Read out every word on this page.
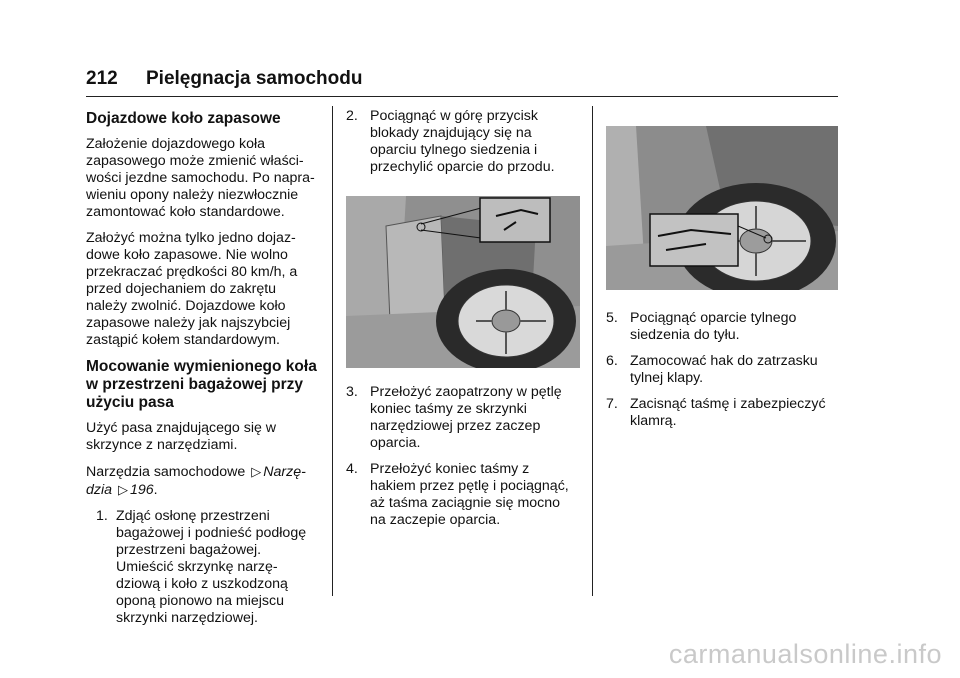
212 Pielęgnacja samochodu
Dojazdowe koło zapasowe

Założenie dojazdowego koła
zapasowego może zmienić właści-
wości jezdne samochodu. Po napra-
wieniu opony należy niezwłocznie
zamontować koło standardowe.

Założyć można tylko jedno dojaz-
dowe koło zapasowe. Nie wolno
przekraczać prędkości 80 km/h, a
przed dojechaniem do zakrętu
należy zwolnić. Dojazdowe koło
zapasowe należy jak najszybciej
zastąpić kołem standardowym.

Mocowanie wymienionego koła
w przestrzeni bagażowej przy
użyciu pasa

Użyć pasa znajdującego się w
skrzynce z narzędziami.

Narzędzia samochodowe ▷ Narzę-
dzia ▷ 196.

1. Zdjąć osłonę przestrzeni
bagażowej i podnieść podłogę
przestrzeni bagażowej.
Umieścić skrzynkę narzę-
dziową i koło z uszkodzoną
oponą pionowo na miejscu
skrzynki narzędziowej.
2. Pociągnąć w górę przycisk
blokady znajdujący się na
oparciu tylnego siedzenia i
przechylić oparcie do przodu.
3. Przełożyć zaopatrzony w pętlę
koniec taśmy ze skrzynki
narzędziowej przez zaczep
oparcia.
4. Przełożyć koniec taśmy z
hakiem przez pętlę i pociągnąć,
aż taśma zaciągnie się mocno
na zaczepie oparcia.
5. Pociągnąć oparcie tylnego
siedzenia do tyłu.
6. Zamocować hak do zatrzasku
tylnej klapy.
7. Zacisnąć taśmę i zabezpieczyć
klamrą.
carmanualsonline.info
